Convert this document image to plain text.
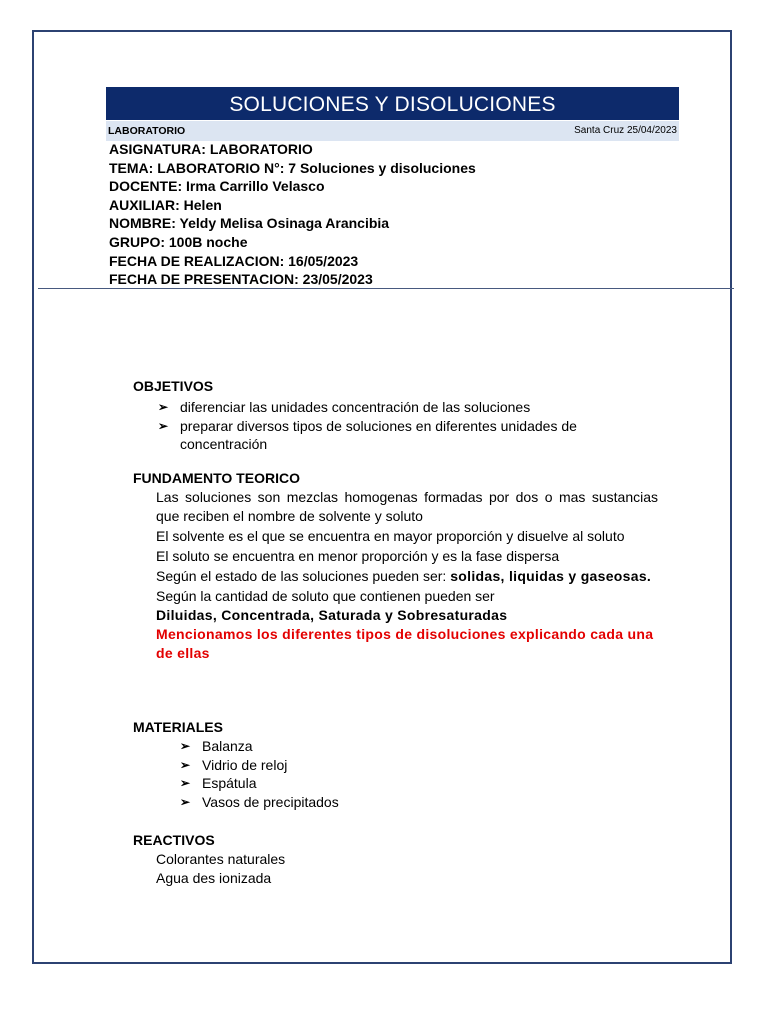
SOLUCIONES Y DISOLUCIONES
LABORATORIO	Santa Cruz 25/04/2023
ASIGNATURA: LABORATORIO
TEMA: LABORATORIO N°: 7 Soluciones y disoluciones
DOCENTE: Irma Carrillo Velasco
AUXILIAR: Helen
NOMBRE: Yeldy Melisa Osinaga Arancibia
GRUPO: 100B noche
FECHA DE REALIZACION: 16/05/2023
FECHA DE PRESENTACION: 23/05/2023
OBJETIVOS
➢ diferenciar las unidades concentración de las soluciones
➢ preparar diversos tipos de soluciones en diferentes unidades de concentración
FUNDAMENTO TEORICO

Las soluciones son mezclas homogenas formadas por dos o mas sustancias que reciben el nombre de solvente y soluto

El solvente es el que se encuentra en mayor proporción y disuelve al soluto

El soluto se encuentra en menor proporción y es la fase dispersa

Según el estado de las soluciones pueden ser: solidas, liquidas y gaseosas.

Según la cantidad de soluto que contienen pueden ser

Diluidas, Concentrada, Saturada y Sobresaturadas

Mencionamos los diferentes tipos de disoluciones explicando cada una de ellas

MATERIALES
➢ Balanza
➢ Vidrio de reloj
➢ Espátula
➢ Vasos de precipitados
REACTIVOS
Colorantes naturales
Agua des ionizada
